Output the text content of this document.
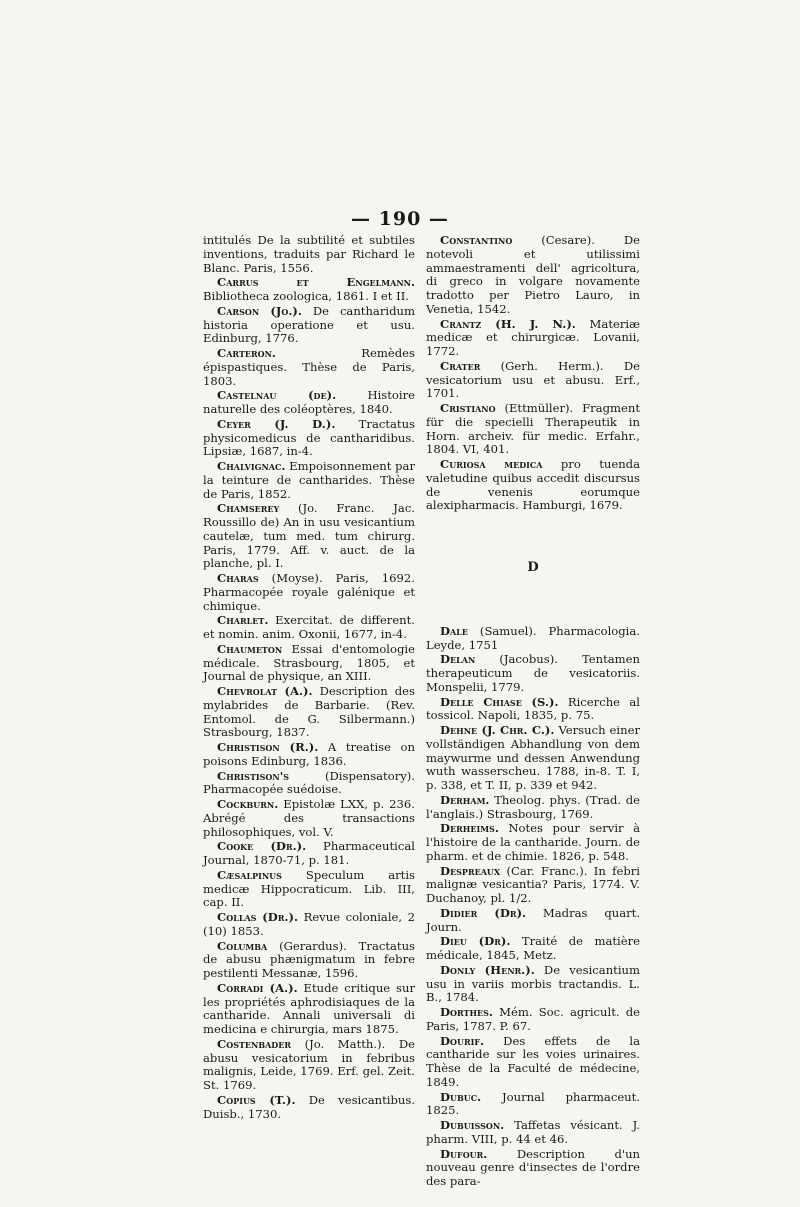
— 190 —
intitulés De la subtilité et subtiles inventions, traduits par Richard le Blanc. Paris, 1556.
Carrus et Engelmann. Bibliotheca zoologica, 1861. I et II.
Carson (Jo.). De cantharidum historia operatione et usu. Edinburg, 1776.
Carteron. Remèdes épispastiques. Thèse de Paris, 1803.
Castelnau (de). Histoire naturelle des coléoptères, 1840.
Ceyer (J. D.). Tractatus physicomedicus de cantharidibus. Lipsiæ, 1687, in-4.
Chalvignac. Empoisonnement par la teinture de cantharides. Thèse de Paris, 1852.
Chamserey (Jo. Franc. Jac. Roussillo de) An in usu vesicantium cautelæ, tum med. tum chirurg. Paris, 1779. Aff. v. auct. de la planche, pl. I.
Charas (Moyse). Paris, 1692. Pharmacopée royale galénique et chimique.
Charlet. Exercitat. de different. et nomin. anim. Oxonii, 1677, in-4.
Chaumeton Essai d'entomologie médicale. Strasbourg, 1805, et Journal de physique, an XIII.
Chevrolat (A.). Description des mylabrides de Barbarie. (Rev. Entomol. de G. Silbermann.) Strasbourg, 1837.
Christison (R.). A treatise on poisons Edinburg, 1836.
Christison's (Dispensatory). Pharmacopée suédoise.
Cockburn. Epistolæ LXX, p. 236. Abrégé des transactions philosophiques, vol. V.
Cooke (Dr.). Pharmaceutical Journal, 1870-71, p. 181.
Cæsalpinus Speculum artis medicæ Hippocraticum. Lib. III, cap. II.
Collas (Dr.). Revue coloniale, 2 (10) 1853.
Columba (Gerardus). Tractatus de abusu phænigmatum in febre pestilenti Messanæ, 1596.
Corradi (A.). Etude critique sur les propriétés aphrodisiaques de la cantharide. Annali universali di medicina e chirurgia, mars 1875.
Costenbader (Jo. Matth.). De abusu vesicatorium in febribus malignis, Leide, 1769. Erf. gel. Zeit. St. 1769.
Copius (T.). De vesicantibus. Duisb., 1730.
Constantino (Cesare). De notevoli et utilissimi ammaestramenti dell' agricoltura, di greco in volgare novamente tradotto per Pietro Lauro, in Venetia, 1542.
Crantz (H. J. N.). Materiæ medicæ et chirurgicæ. Lovanii, 1772.
Crater (Gerh. Herm.). De vesicatorium usu et abusu. Erf., 1701.
Cristiano (Ettmüller). Fragment für die specielli Therapeutik in Horn. archeiv. für medic. Erfahr., 1804. VI, 401.
Curiosa medica pro tuenda valetudine quibus accedit discursus de venenis eorumque alexipharmacis. Hamburgi, 1679.
D
Dale (Samuel). Pharmacologia. Leyde, 1751
Delan (Jacobus). Tentamen therapeuticum de vesicatoriis. Monspelii, 1779.
Delle Chiase (S.). Ricerche al tossicol. Napoli, 1835, p. 75.
Dehne (J. Chr. C.). Versuch einer vollständigen Abhandlung von dem maywurme und dessen Anwendung wuth wasserscheu. 1788, in-8. T. I, p. 338, et T. II, p. 339 et 942.
Derham. Theolog. phys. (Trad. de l'anglais.) Strasbourg, 1769.
Derheims. Notes pour servir à l'histoire de la cantharide. Journ. de pharm. et de chimie. 1826, p. 548.
Despreaux (Car. Franc.). In febri malignæ vesicantia? Paris, 1774. V. Duchanoy, pl. 1/2.
Didier (Dr). Madras quart. Journ.
Dieu (Dr). Traité de matière médicale, 1845, Metz.
Donly (Henr.). De vesicantium usu in variis morbis tractandis. L. B., 1784.
Dorthes. Mém. Soc. agricult. de Paris, 1787. P. 67.
Dourif. Des effets de la cantharide sur les voies urinaires. Thèse de la Faculté de médecine, 1849.
Dubuc. Journal pharmaceut. 1825.
Dubuisson. Taffetas vésicant. J. pharm. VIII, p. 44 et 46.
Dufour. Description d'un nouveau genre d'insectes de l'ordre des para-
